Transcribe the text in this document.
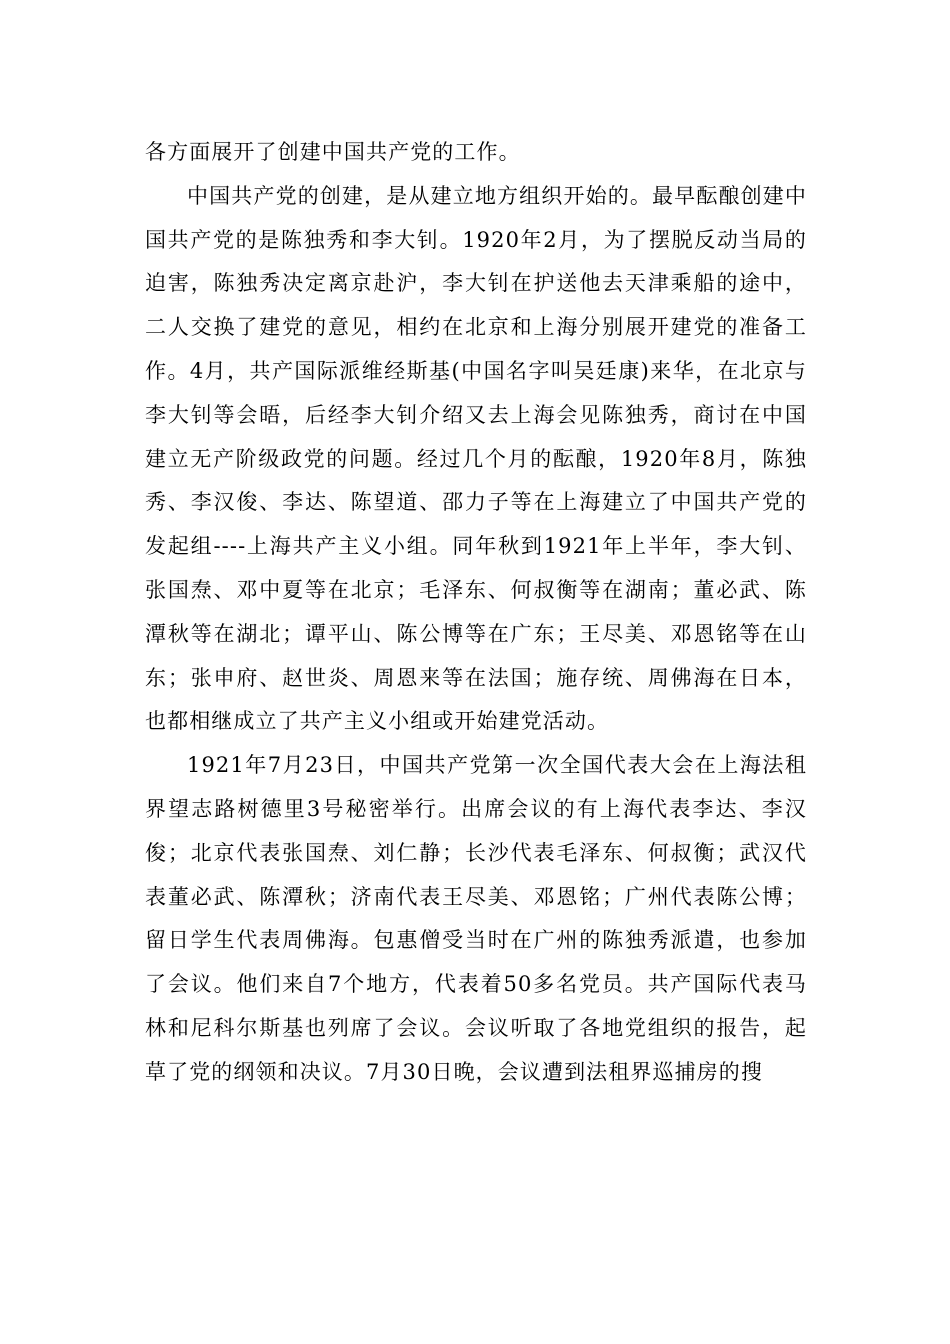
各方面展开了创建中国共产党的工作。

中国共产党的创建，是从建立地方组织开始的。最早酝酿创建中国共产党的是陈独秀和李大钊。1920年2月，为了摆脱反动当局的迫害，陈独秀决定离京赴沪，李大钊在护送他去天津乘船的途中，二人交换了建党的意见，相约在北京和上海分别展开建党的准备工作。4月，共产国际派维经斯基(中国名字叫吴廷康)来华，在北京与李大钊等会晤，后经李大钊介绍又去上海会见陈独秀，商讨在中国建立无产阶级政党的问题。经过几个月的酝酿，1920年8月，陈独秀、李汉俊、李达、陈望道、邵力子等在上海建立了中国共产党的发起组----上海共产主义小组。同年秋到1921年上半年，李大钊、张国焘、邓中夏等在北京；毛泽东、何叔衡等在湖南；董必武、陈潭秋等在湖北；谭平山、陈公博等在广东；王尽美、邓恩铭等在山东；张申府、赵世炎、周恩来等在法国；施存统、周佛海在日本，也都相继成立了共产主义小组或开始建党活动。

1921年7月23日，中国共产党第一次全国代表大会在上海法租界望志路树德里3号秘密举行。出席会议的有上海代表李达、李汉俊；北京代表张国焘、刘仁静；长沙代表毛泽东、何叔衡；武汉代表董必武、陈潭秋；济南代表王尽美、邓恩铭；广州代表陈公博；留日学生代表周佛海。包惠僧受当时在广州的陈独秀派遣，也参加了会议。他们来自7个地方，代表着50多名党员。共产国际代表马林和尼科尔斯基也列席了会议。会议听取了各地党组织的报告，起草了党的纲领和决议。7月30日晚，会议遭到法租界巡捕房的搜
